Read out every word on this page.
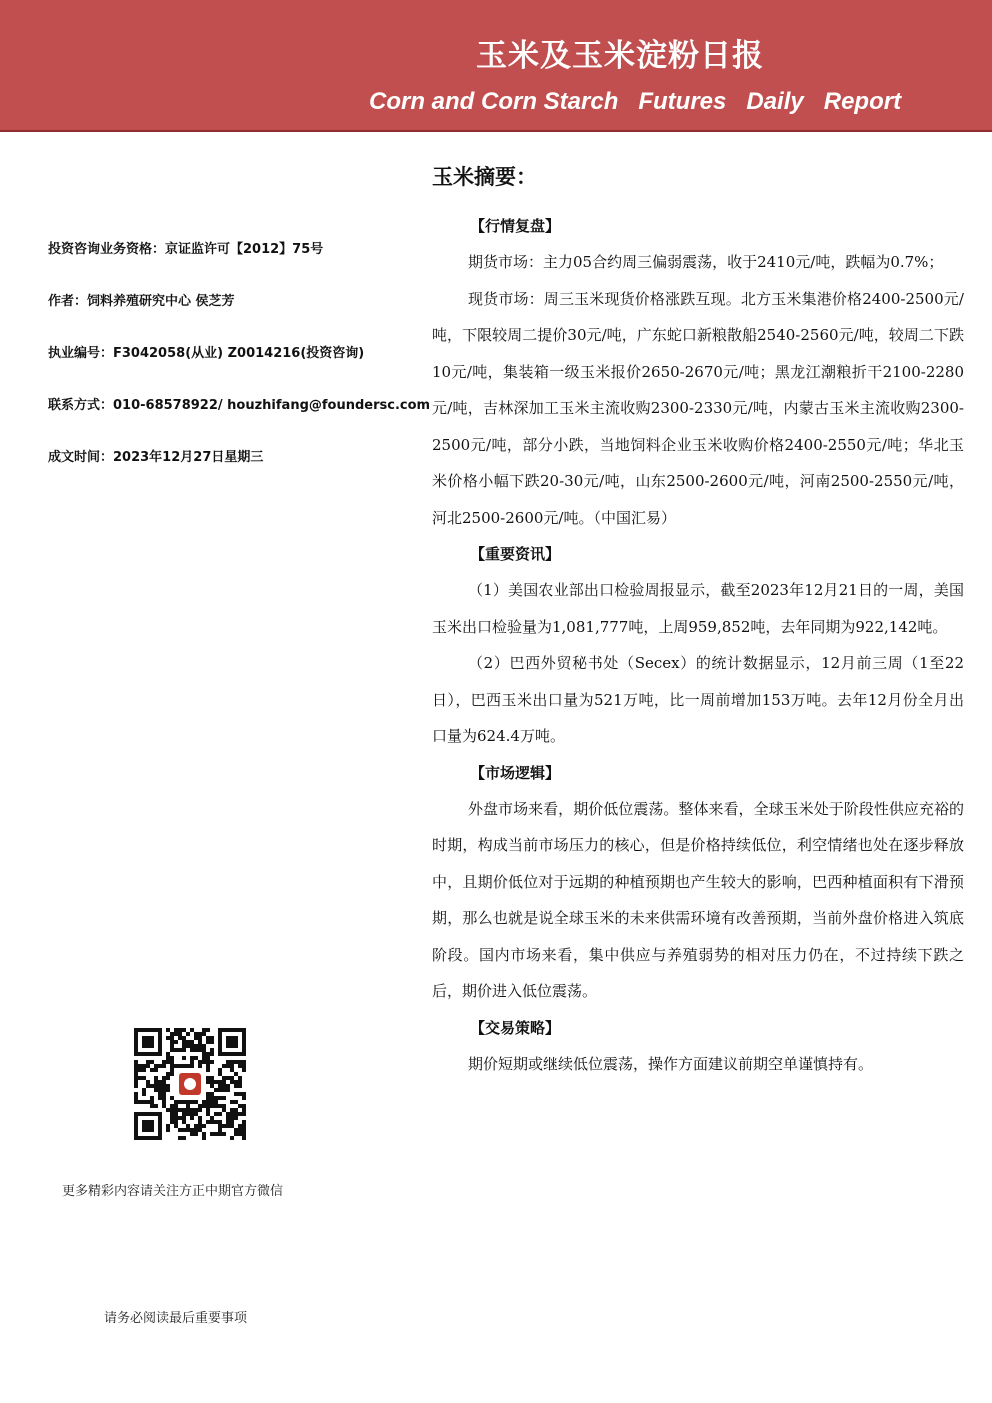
玉米及玉米淀粉日报
Corn and Corn Starch   Futures   Daily   Report
投资咨询业务资格：京证监许可【2012】75号
作者：饲料养殖研究中心 侯芝芳
执业编号：F3042058(从业) Z0014216(投资咨询)
联系方式：010-68578922/ houzhifang@foundersc.com
成文时间：2023年12月27日星期三
更多精彩内容请关注方正中期官方微信
请务必阅读最后重要事项
玉米摘要：
【行情复盘】

期货市场：主力05合约周三偏弱震荡，收于2410元/吨，跌幅为0.7%；

现货市场：周三玉米现货价格涨跌互现。北方玉米集港价格2400-2500元/吨，下限较周二提价30元/吨，广东蛇口新粮散船2540-2560元/吨，较周二下跌10元/吨，集装箱一级玉米报价2650-2670元/吨；黑龙江潮粮折干2100-2280元/吨，吉林深加工玉米主流收购2300-2330元/吨，内蒙古玉米主流收购2300-2500元/吨，部分小跌，当地饲料企业玉米收购价格2400-2550元/吨；华北玉米价格小幅下跌20-30元/吨，山东2500-2600元/吨，河南2500-2550元/吨，河北2500-2600元/吨。（中国汇易）

【重要资讯】

（1）美国农业部出口检验周报显示，截至2023年12月21日的一周，美国玉米出口检验量为1,081,777吨，上周959,852吨，去年同期为922,142吨。

（2）巴西外贸秘书处（Secex）的统计数据显示，12月前三周（1至22日），巴西玉米出口量为521万吨，比一周前增加153万吨。去年12月份全月出口量为624.4万吨。

【市场逻辑】

外盘市场来看，期价低位震荡。整体来看，全球玉米处于阶段性供应充裕的时期，构成当前市场压力的核心，但是价格持续低位，利空情绪也处在逐步释放中，且期价低位对于远期的种植预期也产生较大的影响，巴西种植面积有下滑预期，那么也就是说全球玉米的未来供需环境有改善预期，当前外盘价格进入筑底阶段。国内市场来看，集中供应与养殖弱势的相对压力仍在，不过持续下跌之后，期价进入低位震荡。

【交易策略】

期价短期或继续低位震荡，操作方面建议前期空单谨慎持有。
